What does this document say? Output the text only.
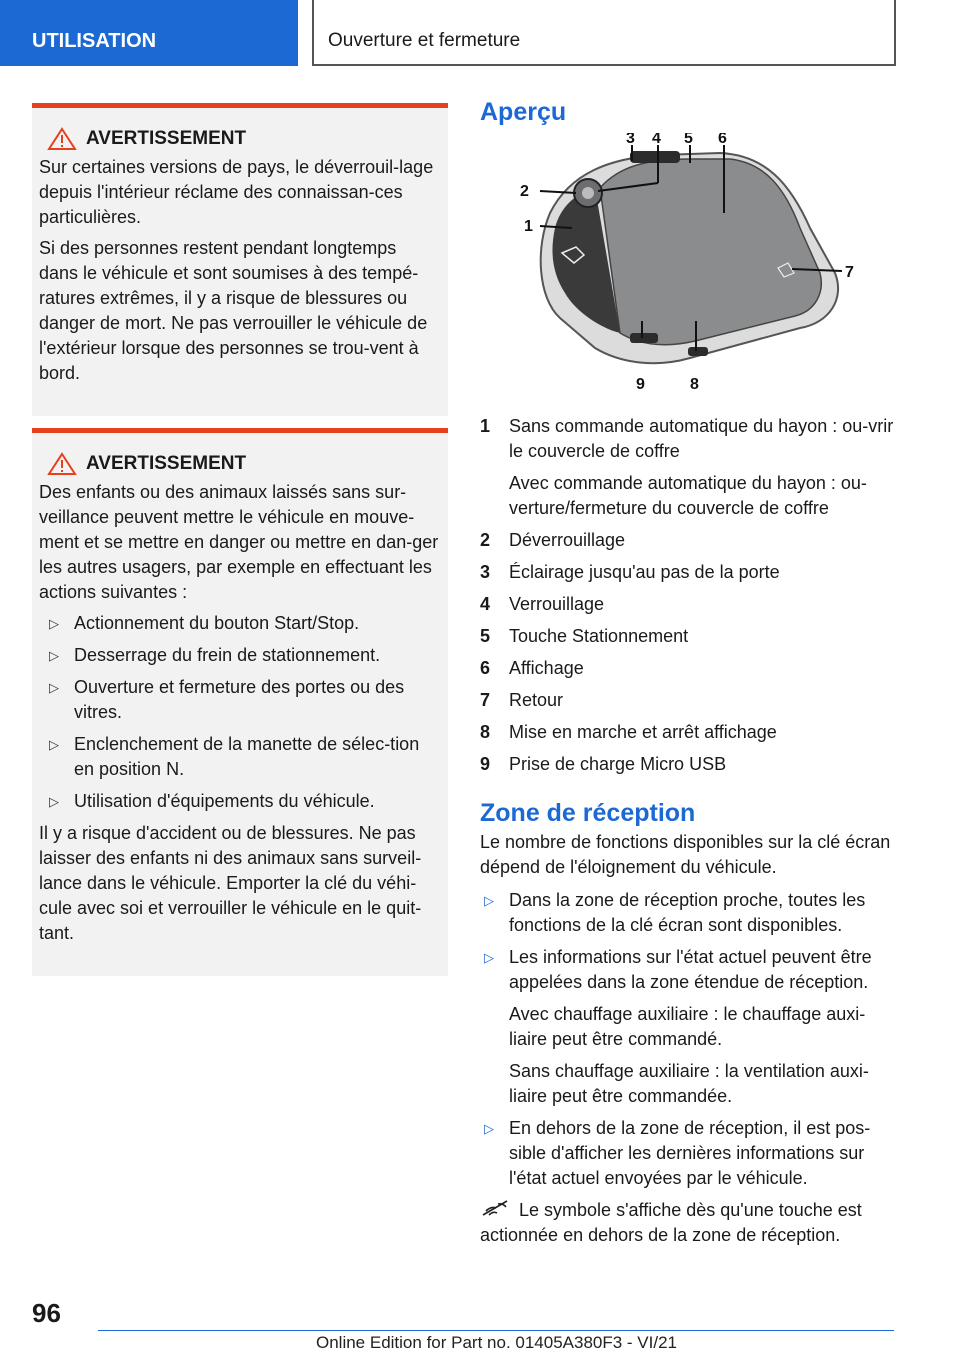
UTILISATION	Ouverture et fermeture
AVERTISSEMENT

Sur certaines versions de pays, le déverrouil-lage depuis l'intérieur réclame des connaissan-ces particulières.

Si des personnes restent pendant longtemps dans le véhicule et sont soumises à des tempé-ratures extrêmes, il y a risque de blessures ou danger de mort. Ne pas verrouiller le véhicule de l'extérieur lorsque des personnes se trou-vent à bord.

AVERTISSEMENT

Des enfants ou des animaux laissés sans sur-veillance peuvent mettre le véhicule en mouve-ment et se mettre en danger ou mettre en dan-ger les autres usagers, par exemple en effectuant les actions suivantes :

▷ Actionnement du bouton Start/Stop.
▷ Desserrage du frein de stationnement.
▷ Ouverture et fermeture des portes ou des vitres.
▷ Enclenchement de la manette de sélec-tion en position N.
▷ Utilisation d'équipements du véhicule.

Il y a risque d'accident ou de blessures. Ne pas laisser des enfants ni des animaux sans surveil-lance dans le véhicule. Emporter la clé du véhi-cule avec soi et verrouiller le véhicule en le quit-tant.

Aperçu
1
2
3 4 5 6
7
8
9
1	Sans commande automatique du hayon : ou-vrir le couvercle de coffre

Avec commande automatique du hayon : ou-verture/fermeture du couvercle de coffre

2	Déverrouillage

3	Éclairage jusqu'au pas de la porte

4	Verrouillage

5	Touche Stationnement

6	Affichage

7	Retour

8	Mise en marche et arrêt affichage

9	Prise de charge Micro USB

Zone de réception

Le nombre de fonctions disponibles sur la clé écran dépend de l'éloignement du véhicule.

▷ Dans la zone de réception proche, toutes les fonctions de la clé écran sont disponibles.

▷ Les informations sur l'état actuel peuvent être appelées dans la zone étendue de réception.

Avec chauffage auxiliaire : le chauffage auxi-liaire peut être commandé.

Sans chauffage auxiliaire : la ventilation auxi-liaire peut être commandée.

▷ En dehors de la zone de réception, il est pos-sible d'afficher les dernières informations sur l'état actuel envoyées par le véhicule.

Le symbole s'affiche dès qu'une touche est actionnée en dehors de la zone de réception.

96
Online Edition for Part no. 01405A380F3 - VI/21
